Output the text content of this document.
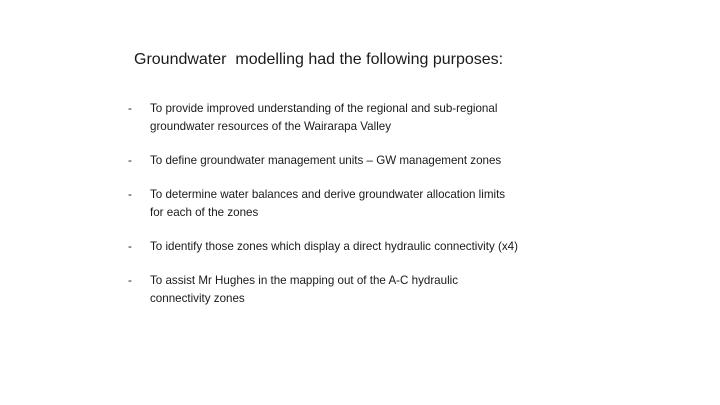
Groundwater  modelling had the following purposes:
- To provide improved understanding of the regional and sub-regional groundwater resources of the Wairarapa Valley
- To define groundwater management units – GW management zones
- To determine water balances and derive groundwater allocation limits for each of the zones
- To identify those zones which display a direct hydraulic connectivity (x4)
- To assist Mr Hughes in the mapping out of the A-C hydraulic connectivity zones
